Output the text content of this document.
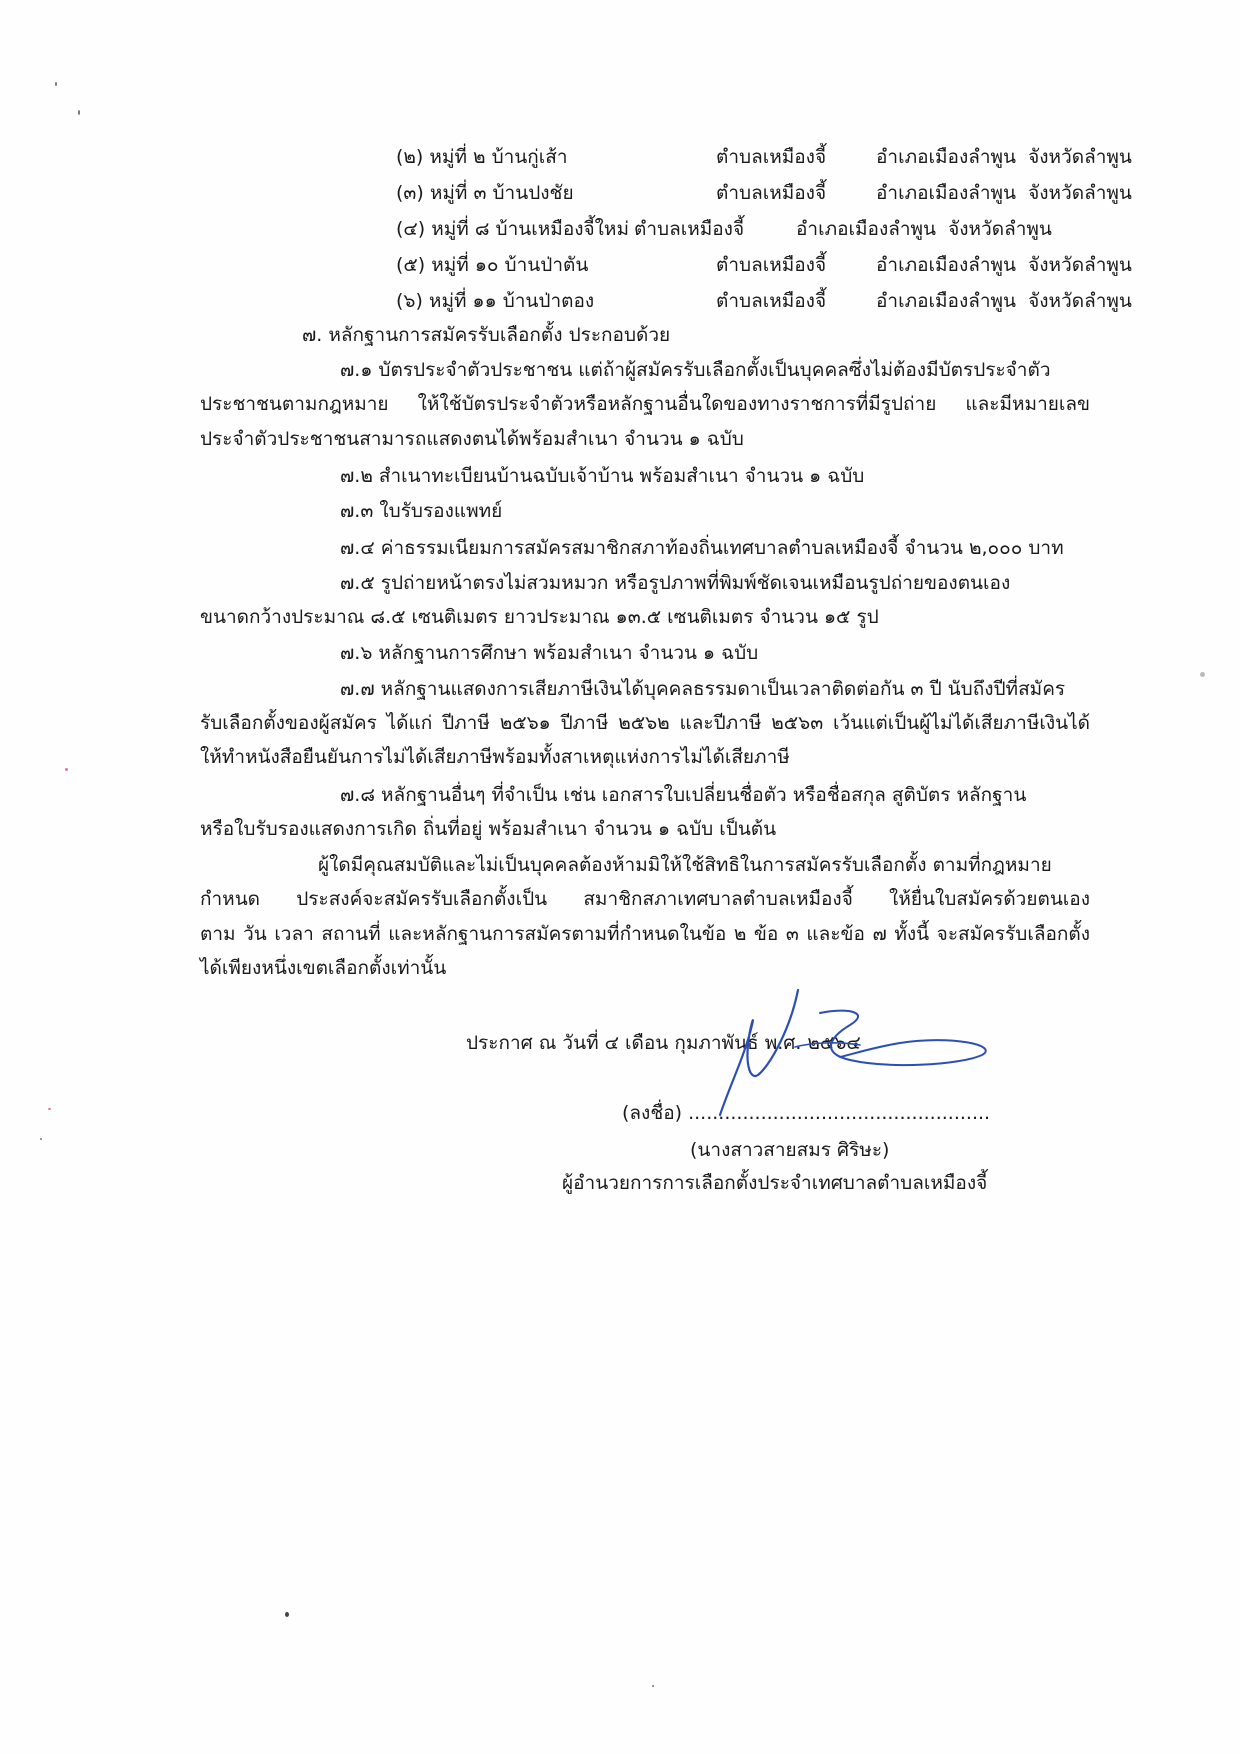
(๒) หมู่ที่ ๒ บ้านกู่เส้า	ตำบลเหมืองจี้	อำเภอเมืองลำพูน จังหวัดลำพูน
(๓) หมู่ที่ ๓ บ้านปงชัย	ตำบลเหมืองจี้	อำเภอเมืองลำพูน จังหวัดลำพูน
(๔) หมู่ที่ ๘ บ้านเหมืองจี้ใหม่ ตำบลเหมืองจี้	อำเภอเมืองลำพูน จังหวัดลำพูน
(๕) หมู่ที่ ๑๐ บ้านป่าตัน	ตำบลเหมืองจี้	อำเภอเมืองลำพูน จังหวัดลำพูน
(๖) หมู่ที่ ๑๑ บ้านป่าตอง	ตำบลเหมืองจี้	อำเภอเมืองลำพูน จังหวัดลำพูน
๗. หลักฐานการสมัครรับเลือกตั้ง ประกอบด้วย
๗.๑ บัตรประจำตัวประชาชน แต่ถ้าผู้สมัครรับเลือกตั้งเป็นบุคคลซึ่งไม่ต้องมีบัตรประจำตัว
ประชาชนตามกฎหมาย ให้ใช้บัตรประจำตัวหรือหลักฐานอื่นใดของทางราชการที่มีรูปถ่าย และมีหมายเลข
ประจำตัวประชาชนสามารถแสดงตนได้พร้อมสำเนา จำนวน ๑ ฉบับ
๗.๒ สำเนาทะเบียนบ้านฉบับเจ้าบ้าน พร้อมสำเนา จำนวน ๑ ฉบับ
๗.๓ ใบรับรองแพทย์
๗.๔ ค่าธรรมเนียมการสมัครสมาชิกสภาท้องถิ่นเทศบาลตำบลเหมืองจี้ จำนวน ๒,๐๐๐ บาท
๗.๕ รูปถ่ายหน้าตรงไม่สวมหมวก หรือรูปภาพที่พิมพ์ชัดเจนเหมือนรูปถ่ายของตนเอง
ขนาดกว้างประมาณ ๘.๕ เซนติเมตร ยาวประมาณ ๑๓.๕ เซนติเมตร จำนวน ๑๕ รูป
๗.๖ หลักฐานการศึกษา พร้อมสำเนา จำนวน ๑ ฉบับ
๗.๗ หลักฐานแสดงการเสียภาษีเงินได้บุคคลธรรมดาเป็นเวลาติดต่อกัน ๓ ปี นับถึงปีที่สมัคร
รับเลือกตั้งของผู้สมัคร ได้แก่ ปีภาษี ๒๕๖๑ ปีภาษี ๒๕๖๒ และปีภาษี ๒๕๖๓ เว้นแต่เป็นผู้ไม่ได้เสียภาษีเงินได้
ให้ทำหนังสือยืนยันการไม่ได้เสียภาษีพร้อมทั้งสาเหตุแห่งการไม่ได้เสียภาษี
๗.๘ หลักฐานอื่นๆ ที่จำเป็น เช่น เอกสารใบเปลี่ยนชื่อตัว หรือชื่อสกุล สูติบัตร หลักฐาน
หรือใบรับรองแสดงการเกิด ถิ่นที่อยู่ พร้อมสำเนา จำนวน ๑ ฉบับ เป็นต้น
ผู้ใดมีคุณสมบัติและไม่เป็นบุคคลต้องห้ามมิให้ใช้สิทธิในการสมัครรับเลือกตั้ง ตามที่กฎหมาย
กำหนด ประสงค์จะสมัครรับเลือกตั้งเป็น สมาชิกสภาเทศบาลตำบลเหมืองจี้ ให้ยื่นใบสมัครด้วยตนเอง
ตาม วัน เวลา สถานที่ และหลักฐานการสมัครตามที่กำหนดในข้อ ๒ ข้อ ๓ และข้อ ๗ ทั้งนี้ จะสมัครรับเลือกตั้ง
ได้เพียงหนึ่งเขตเลือกตั้งเท่านั้น
ประกาศ ณ วันที่ ๔ เดือน กุมภาพันธ์ พ.ศ. ๒๕๖๔
(ลงชื่อ) ..................................................
(นางสาวสายสมร ศิริษะ)
ผู้อำนวยการการเลือกตั้งประจำเทศบาลตำบลเหมืองจี้
